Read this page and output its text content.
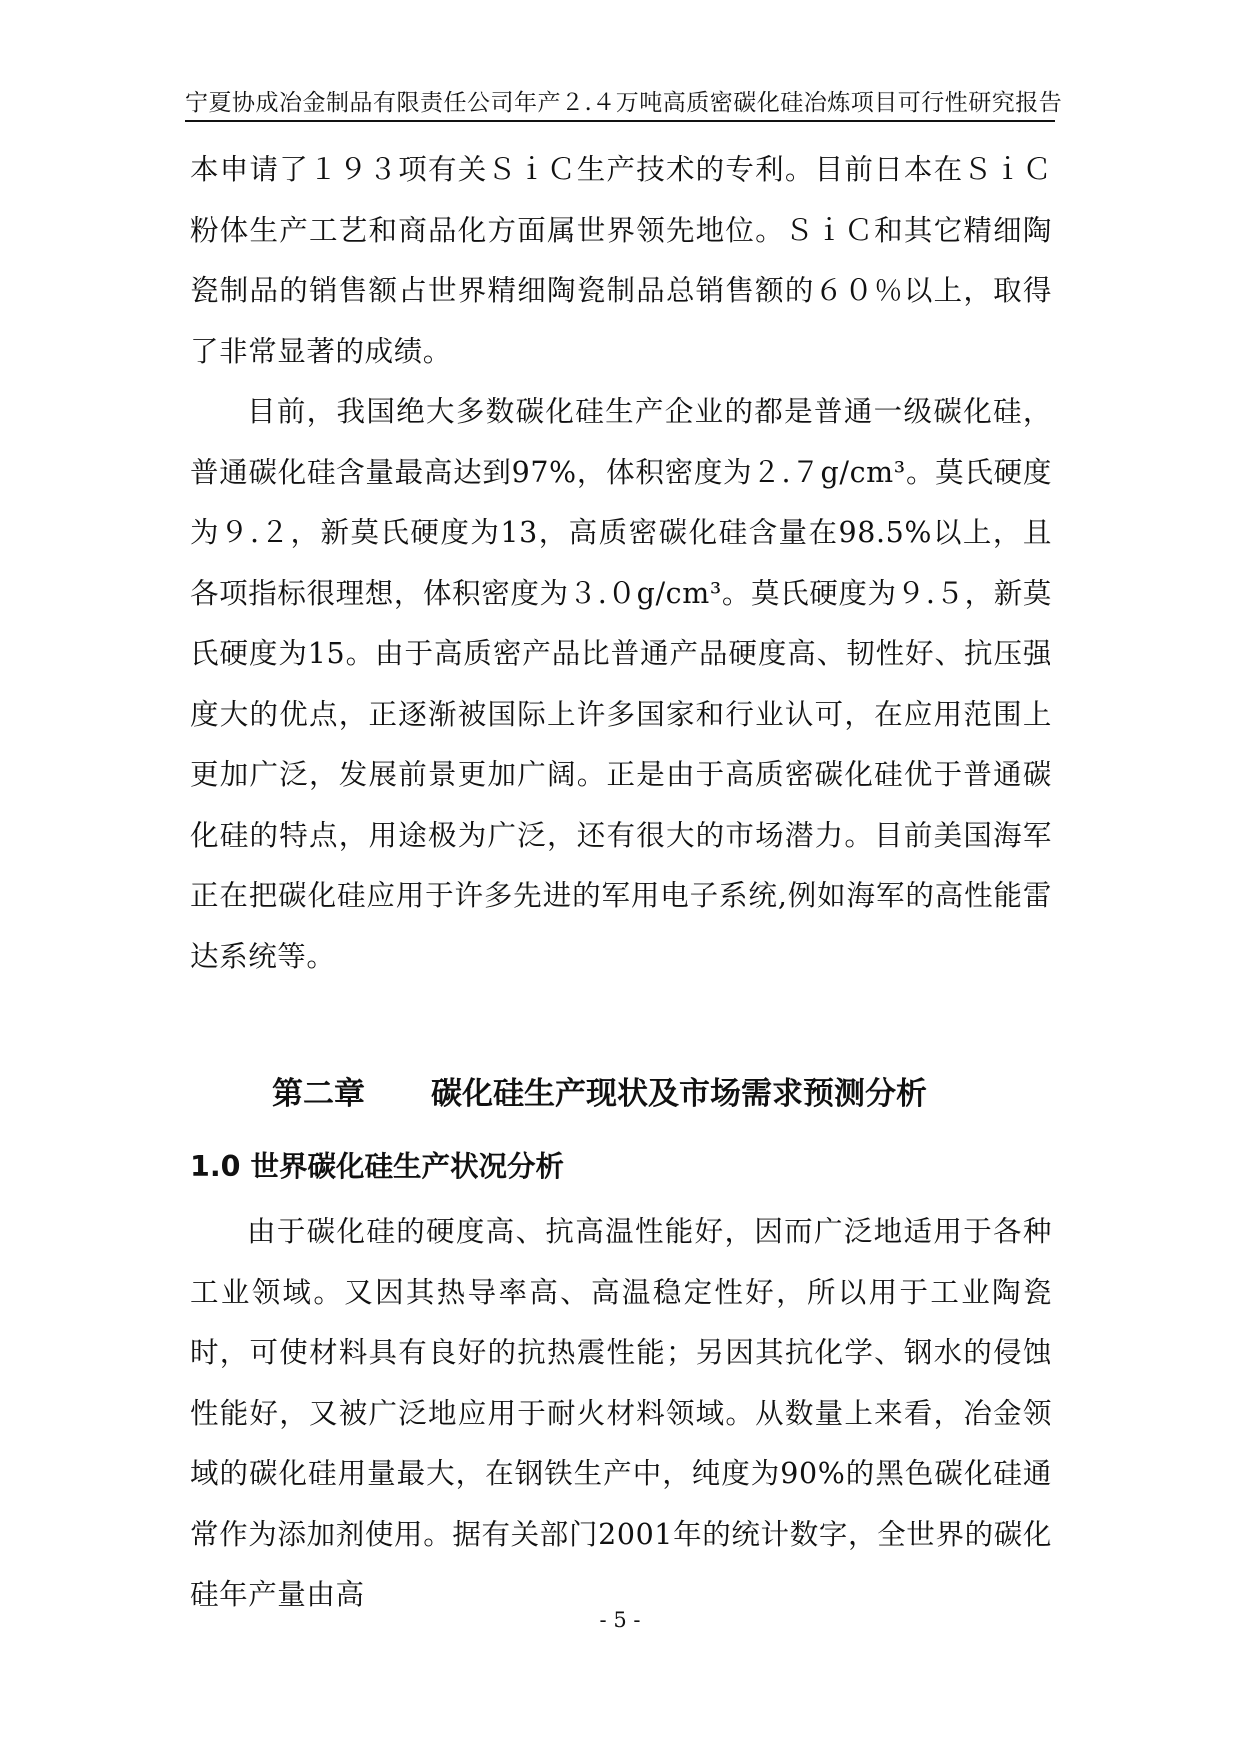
宁夏协成冶金制品有限责任公司年产２.４万吨高质密碳化硅冶炼项目可行性研究报告

本申请了１９３项有关ＳｉＣ生产技术的专利。目前日本在ＳｉＣ粉体生产工艺和商品化方面属世界领先地位。ＳｉＣ和其它精细陶瓷制品的销售额占世界精细陶瓷制品总销售额的６０％以上，取得了非常显著的成绩。

目前，我国绝大多数碳化硅生产企业的都是普通一级碳化硅，普通碳化硅含量最高达到97%，体积密度为２.７g/cm³。莫氏硬度为９.２，新莫氏硬度为13，高质密碳化硅含量在98.5%以上，且各项指标很理想，体积密度为３.０g/cm³。莫氏硬度为９.５，新莫氏硬度为15。由于高质密产品比普通产品硬度高、韧性好、抗压强度大的优点，正逐渐被国际上许多国家和行业认可，在应用范围上更加广泛，发展前景更加广阔。正是由于高质密碳化硅优于普通碳化硅的特点，用途极为广泛，还有很大的市场潜力。目前美国海军正在把碳化硅应用于许多先进的军用电子系统,例如海军的高性能雷达系统等。

第二章 碳化硅生产现状及市场需求预测分析
1.0 世界碳化硅生产状况分析

由于碳化硅的硬度高、抗高温性能好，因而广泛地适用于各种工业领域。又因其热导率高、高温稳定性好，所以用于工业陶瓷时，可使材料具有良好的抗热震性能；另因其抗化学、钢水的侵蚀性能好，又被广泛地应用于耐火材料领域。从数量上来看，冶金领域的碳化硅用量最大，在钢铁生产中，纯度为90%的黑色碳化硅通常作为添加剂使用。据有关部门2001年的统计数字，全世界的碳化硅年产量由高

- 5 -
